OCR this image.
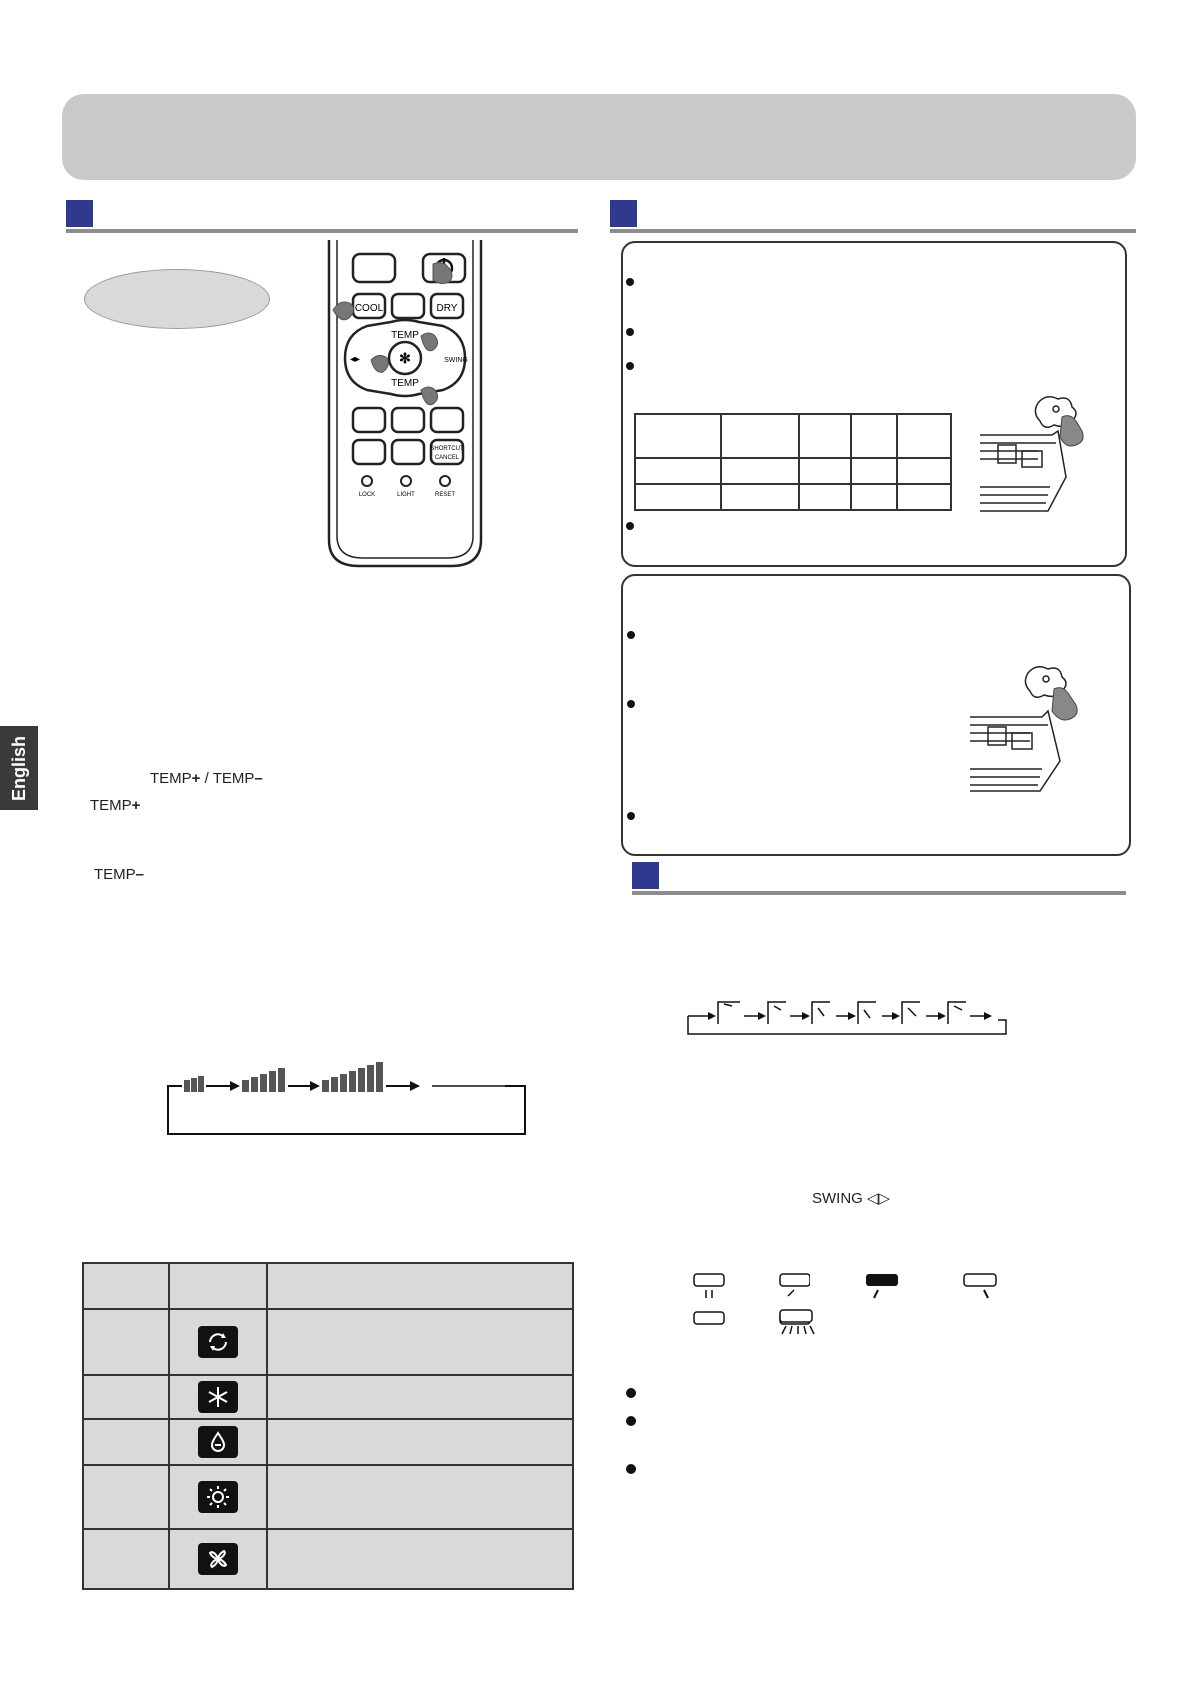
COOL	DRY
✻
TEMP
TEMP
SWING
◂▸
SHORTCUT
CANCEL
LOCK	LIGHT	RESET
English	TEMP+ / TEMP–
TEMP+
TEMP–

SWING ◁▷
